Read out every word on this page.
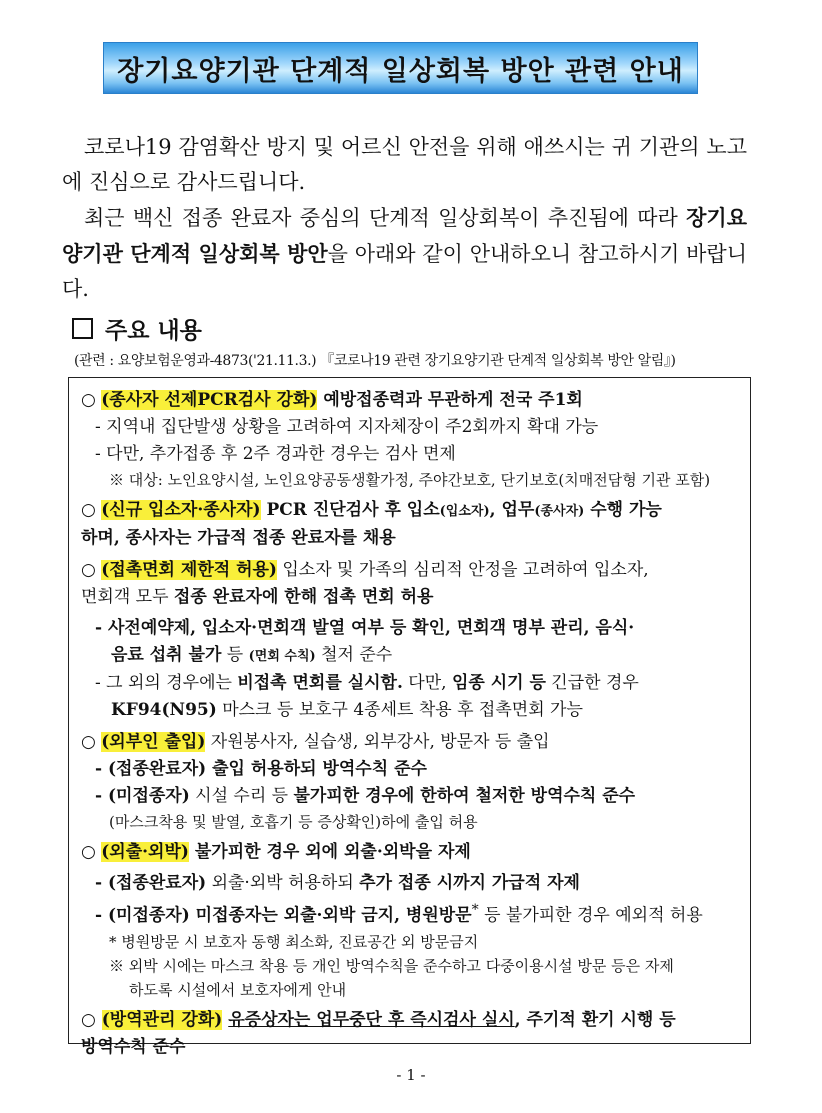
장기요양기관 단계적 일상회복 방안 관련 안내

코로나19 감염확산 방지 및 어르신 안전을 위해 애쓰시는 귀 기관의 노고에 진심으로 감사드립니다.

최근 백신 접종 완료자 중심의 단계적 일상회복이 추진됨에 따라 장기요양기관 단계적 일상회복 방안을 아래와 같이 안내하오니 참고하시기 바랍니다.

주요 내용
(관련 : 요양보험운영과-4873('21.11.3.) 『코로나19 관련 장기요양기관 단계적 일상회복 방안 알림』)
○ (종사자 선제PCR검사 강화) 예방접종력과 무관하게 전국 주1회
- 지역내 집단발생 상황을 고려하여 지자체장이 주2회까지 확대 가능
- 다만, 추가접종 후 2주 경과한 경우는 검사 면제
※ 대상: 노인요양시설, 노인요양공동생활가정, 주야간보호, 단기보호(치매전담형 기관 포함)
○ (신규 입소자·종사자) PCR 진단검사 후 입소(입소자), 업무(종사자) 수행 가능
하며, 종사자는 가급적 접종 완료자를 채용
○ (접촉면회 제한적 허용) 입소자 및 가족의 심리적 안정을 고려하여 입소자,
면회객 모두 접종 완료자에 한해 접촉 면회 허용
- 사전예약제, 입소자·면회객 발열 여부 등 확인, 면회객 명부 관리, 음식·
음료 섭취 불가 등 (면회 수칙) 철저 준수
- 그 외의 경우에는 비접촉 면회를 실시함. 다만, 임종 시기 등 긴급한 경우
KF94(N95) 마스크 등 보호구 4종세트 착용 후 접촉면회 가능
○ (외부인 출입) 자원봉사자, 실습생, 외부강사, 방문자 등 출입
- (접종완료자) 출입 허용하되 방역수칙 준수
- (미접종자) 시설 수리 등 불가피한 경우에 한하여 철저한 방역수칙 준수
(마스크착용 및 발열, 호흡기 등 증상확인)하에 출입 허용
○ (외출·외박) 불가피한 경우 외에 외출·외박을 자제
- (접종완료자) 외출·외박 허용하되 추가 접종 시까지 가급적 자제
- (미접종자) 미접종자는 외출·외박 금지, 병원방문* 등 불가피한 경우 예외적 허용
* 병원방문 시 보호자 동행 최소화, 진료공간 외 방문금지
※ 외박 시에는 마스크 착용 등 개인 방역수칙을 준수하고 다중이용시설 방문 등은 자제
하도록 시설에서 보호자에게 안내
○ (방역관리 강화) 유증상자는 업무중단 후 즉시검사 실시, 주기적 환기 시행 등
방역수칙 준수
- 1 -
